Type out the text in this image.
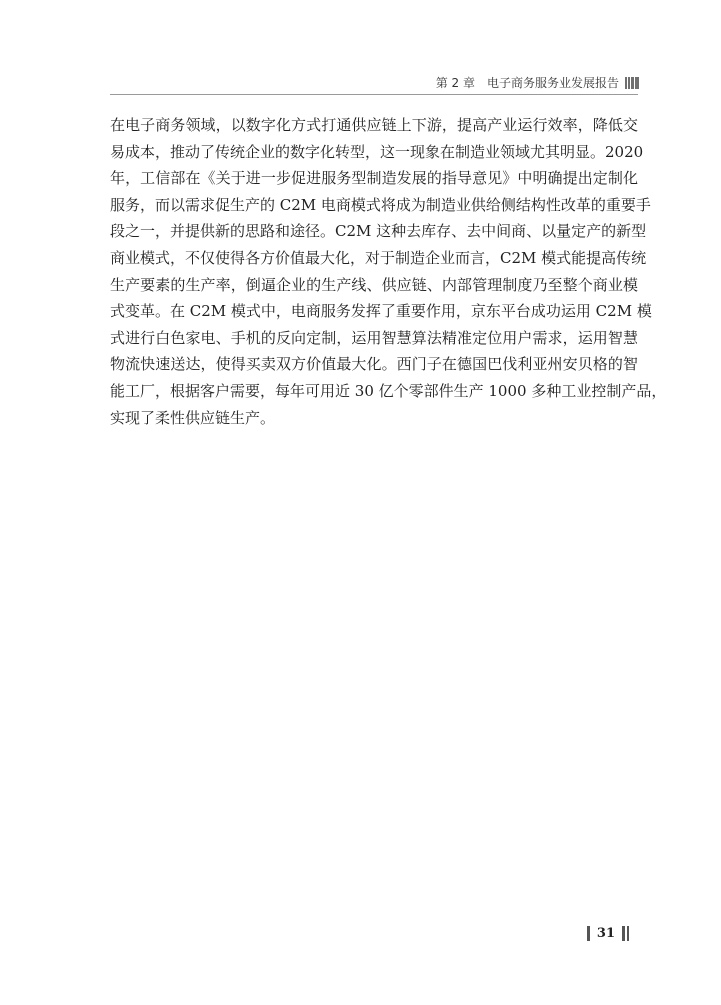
第 2 章 电子商务服务业发展报告
在电子商务领域，以数字化方式打通供应链上下游，提高产业运行效率，降低交
易成本，推动了传统企业的数字化转型，这一现象在制造业领域尤其明显。2020
年，工信部在《关于进一步促进服务型制造发展的指导意见》中明确提出定制化
服务，而以需求促生产的 C2M 电商模式将成为制造业供给侧结构性改革的重要手
段之一，并提供新的思路和途径。C2M 这种去库存、去中间商、以量定产的新型
商业模式，不仅使得各方价值最大化，对于制造企业而言，C2M 模式能提高传统
生产要素的生产率，倒逼企业的生产线、供应链、内部管理制度乃至整个商业模
式变革。在 C2M 模式中，电商服务发挥了重要作用，京东平台成功运用 C2M 模
式进行白色家电、手机的反向定制，运用智慧算法精准定位用户需求，运用智慧
物流快速送达，使得买卖双方价值最大化。西门子在德国巴伐利亚州安贝格的智
能工厂，根据客户需要，每年可用近 30 亿个零部件生产 1000 多种工业控制产品，
实现了柔性供应链生产。
31
